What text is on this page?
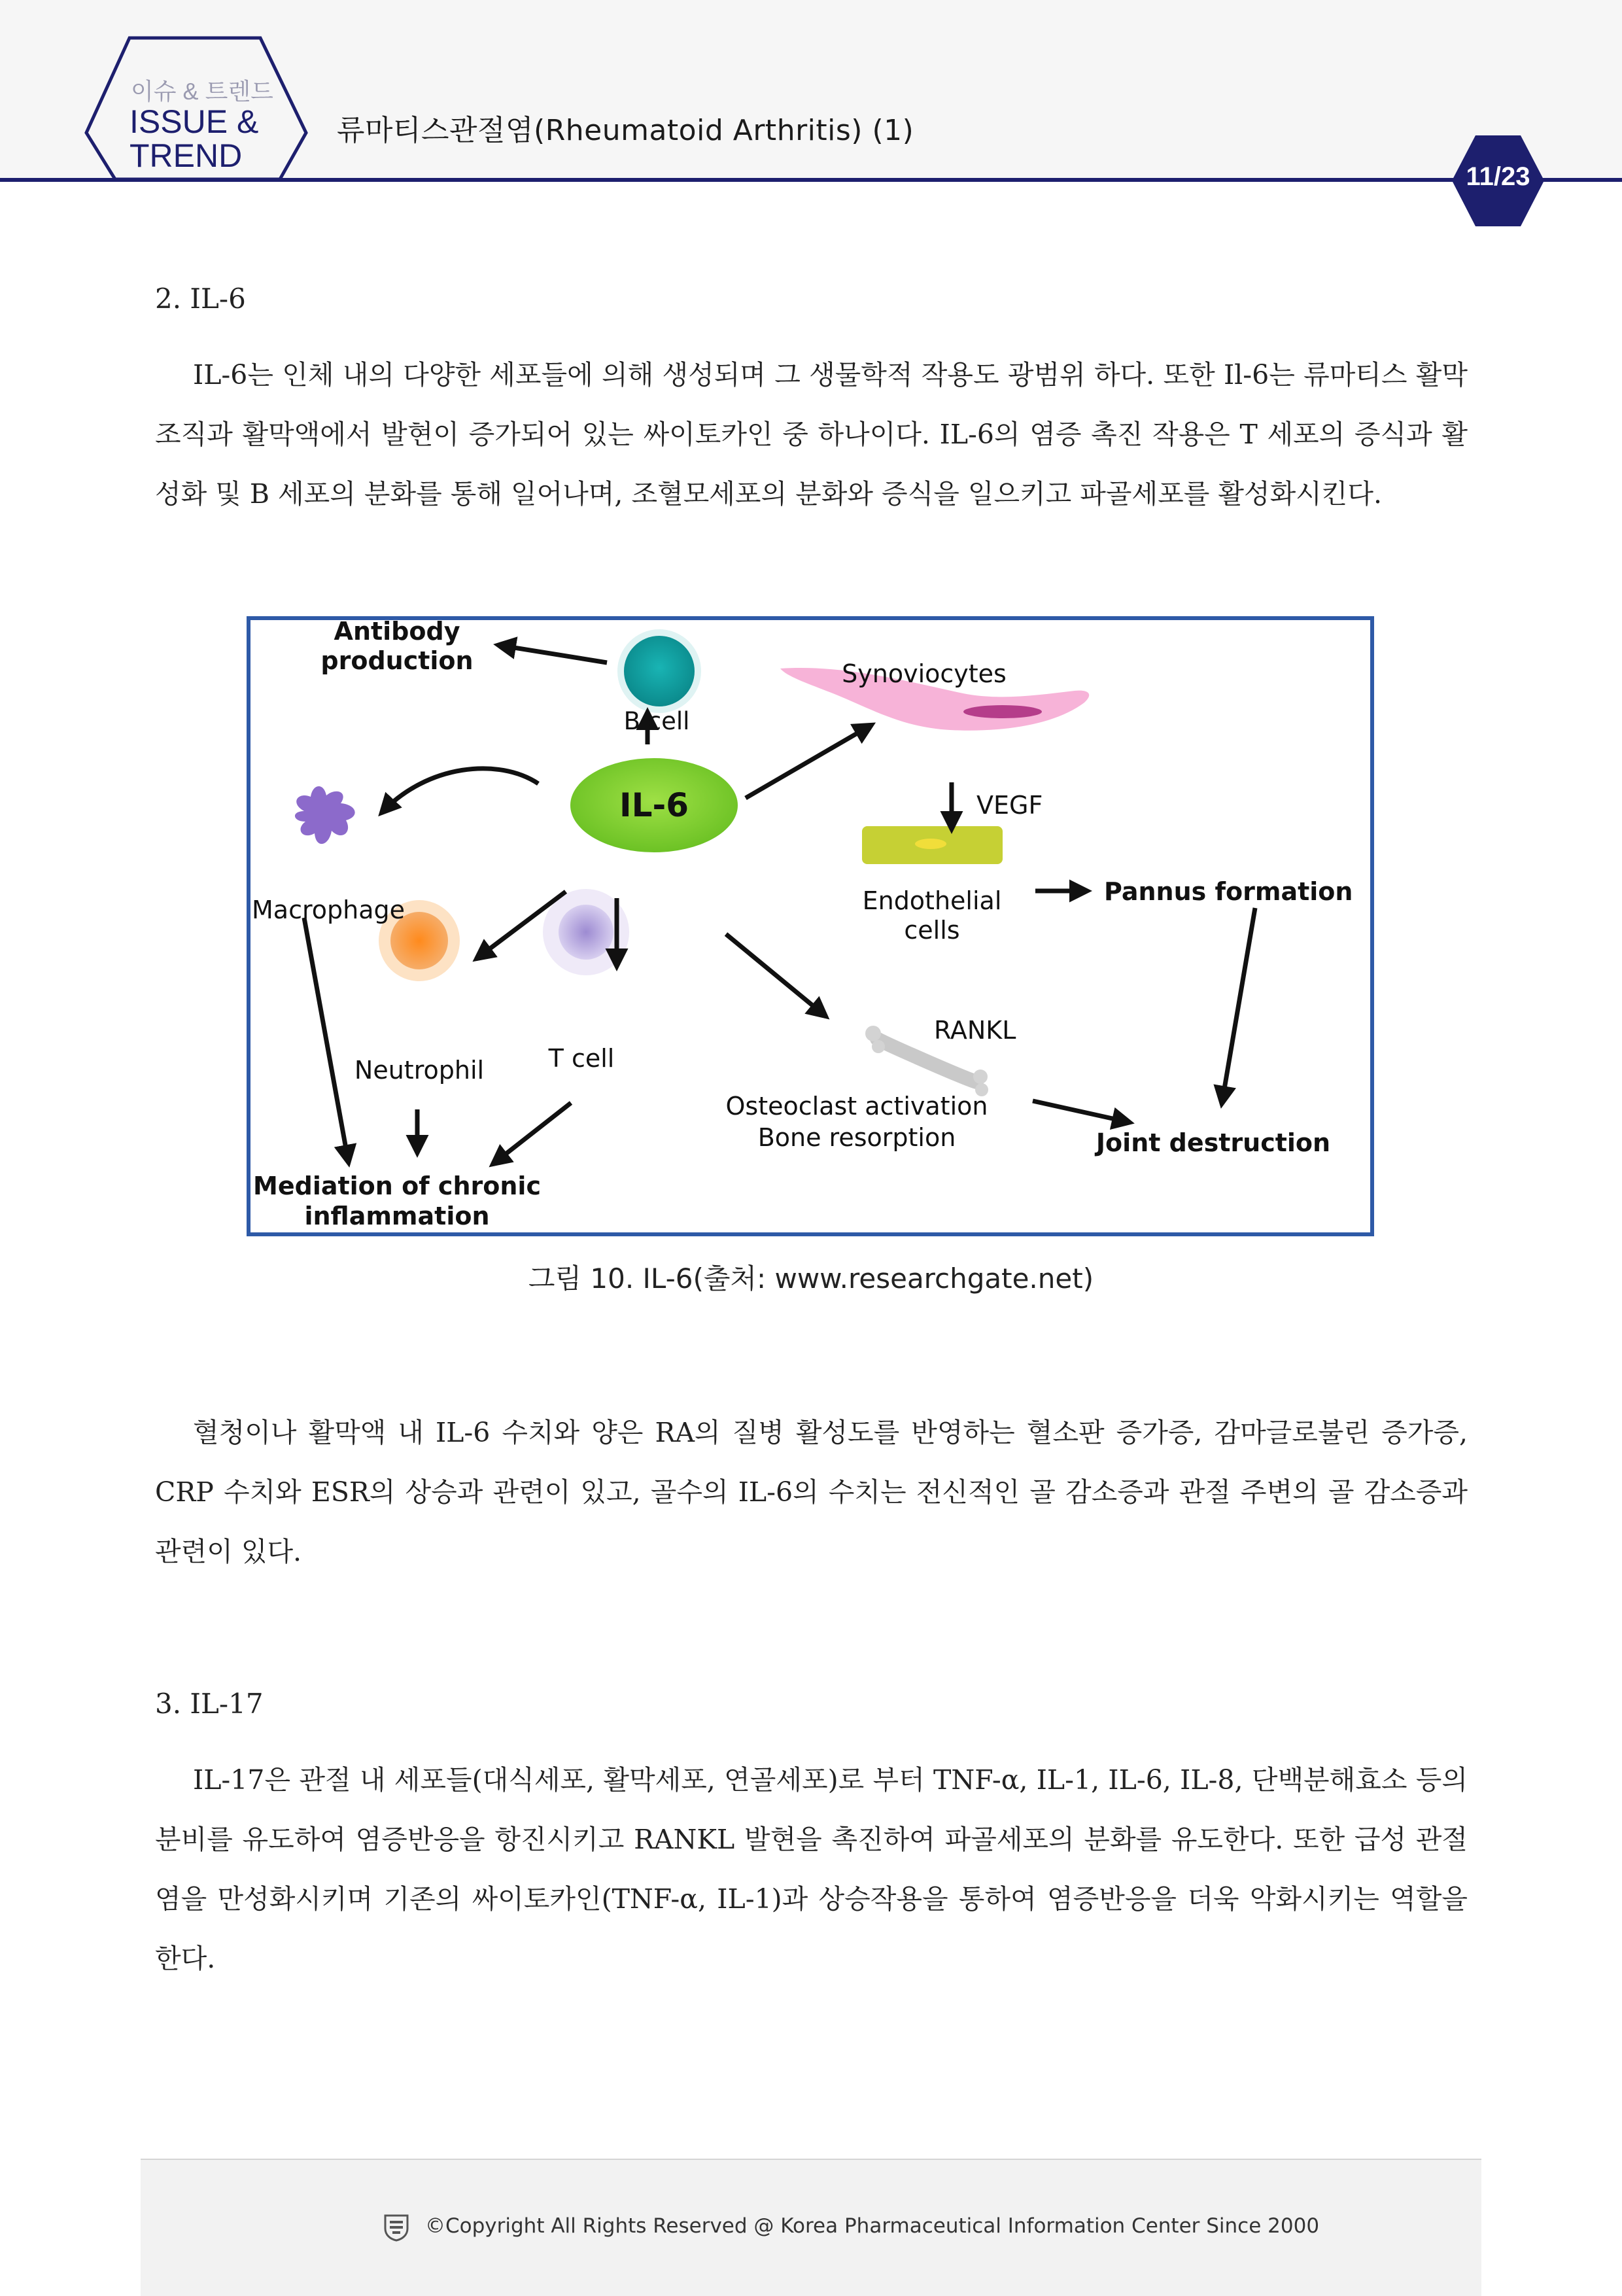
이슈 & 트렌드
ISSUE &
TREND
류마티스관절염(Rheumatoid Arthritis) (1)
11/23
2. IL-6

IL-6는 인체 내의 다양한 세포들에 의해 생성되며 그 생물학적 작용도 광범위 하다. 또한 Il-6는 류마티스 활막조직과 활막액에서 발현이 증가되어 있는 싸이토카인 중 하나이다. IL-6의 염증 촉진 작용은 T 세포의 증식과 활성화 및 B 세포의 분화를 통해 일어나며, 조혈모세포의 분화와 증식을 일으키고 파골세포를 활성화시킨다.

Antibody
production
B cell
Synoviocytes
VEGF
IL-6
Macrophage	Endothelial
cells
Pannus formation
Neutrophil	T cell
RANKL
Osteoclast activation
Bone resorption	Joint destruction
Mediation of chronic
inflammation
그림 10. IL-6(출처: www.researchgate.net)

혈청이나 활막액 내 IL-6 수치와 양은 RA의 질병 활성도를 반영하는 혈소판 증가증, 감마글로불린 증가증, CRP 수치와 ESR의 상승과 관련이 있고, 골수의 IL-6의 수치는 전신적인 골 감소증과 관절 주변의 골 감소증과 관련이 있다.

3. IL-17

IL-17은 관절 내 세포들(대식세포, 활막세포, 연골세포)로 부터 TNF-α, IL-1, IL-6, IL-8, 단백분해효소 등의 분비를 유도하여 염증반응을 항진시키고 RANKL 발현을 촉진하여 파골세포의 분화를 유도한다. 또한 급성 관절염을 만성화시키며 기존의 싸이토카인(TNF-α, IL-1)과 상승작용을 통하여 염증반응을 더욱 악화시키는 역할을 한다.

©Copyright All Rights Reserved @ Korea Pharmaceutical Information Center Since 2000
